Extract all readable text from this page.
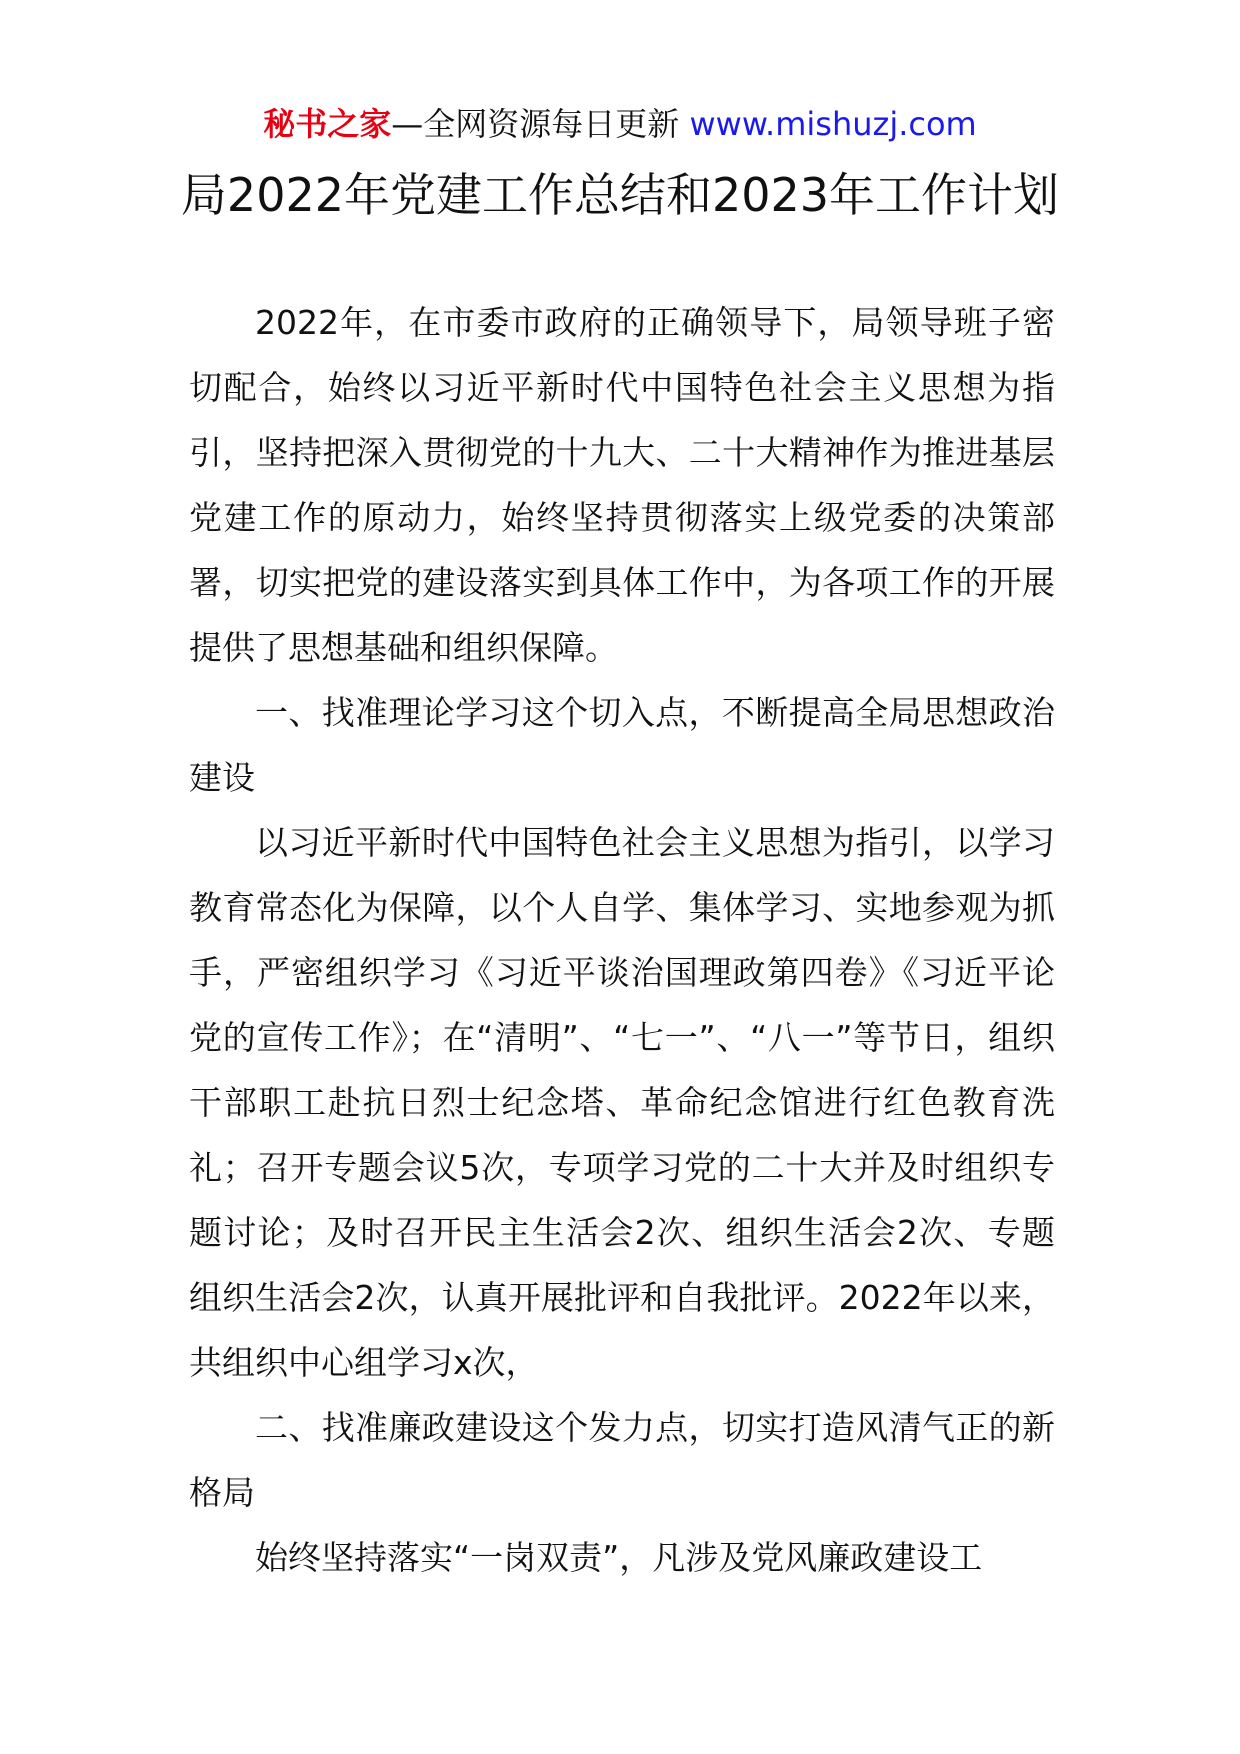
秘书之家—全网资源每日更新 www.mishuzj.com
局2022年党建工作总结和2023年工作计划

2022年，在市委市政府的正确领导下，局领导班子密切配合，始终以习近平新时代中国特色社会主义思想为指引，坚持把深入贯彻党的十九大、二十大精神作为推进基层党建工作的原动力，始终坚持贯彻落实上级党委的决策部署，切实把党的建设落实到具体工作中，为各项工作的开展提供了思想基础和组织保障。

一、找准理论学习这个切入点，不断提高全局思想政治建设

以习近平新时代中国特色社会主义思想为指引，以学习教育常态化为保障，以个人自学、集体学习、实地参观为抓手，严密组织学习《习近平谈治国理政第四卷》《习近平论党的宣传工作》；在“清明”、“七一”、“八一”等节日，组织干部职工赴抗日烈士纪念塔、革命纪念馆进行红色教育洗礼；召开专题会议5次，专项学习党的二十大并及时组织专题讨论；及时召开民主生活会2次、组织生活会2次、专题组织生活会2次，认真开展批评和自我批评。2022年以来，共组织中心组学习x次，

二、找准廉政建设这个发力点，切实打造风清气正的新格局

始终坚持落实“一岗双责”，凡涉及党风廉政建设工
